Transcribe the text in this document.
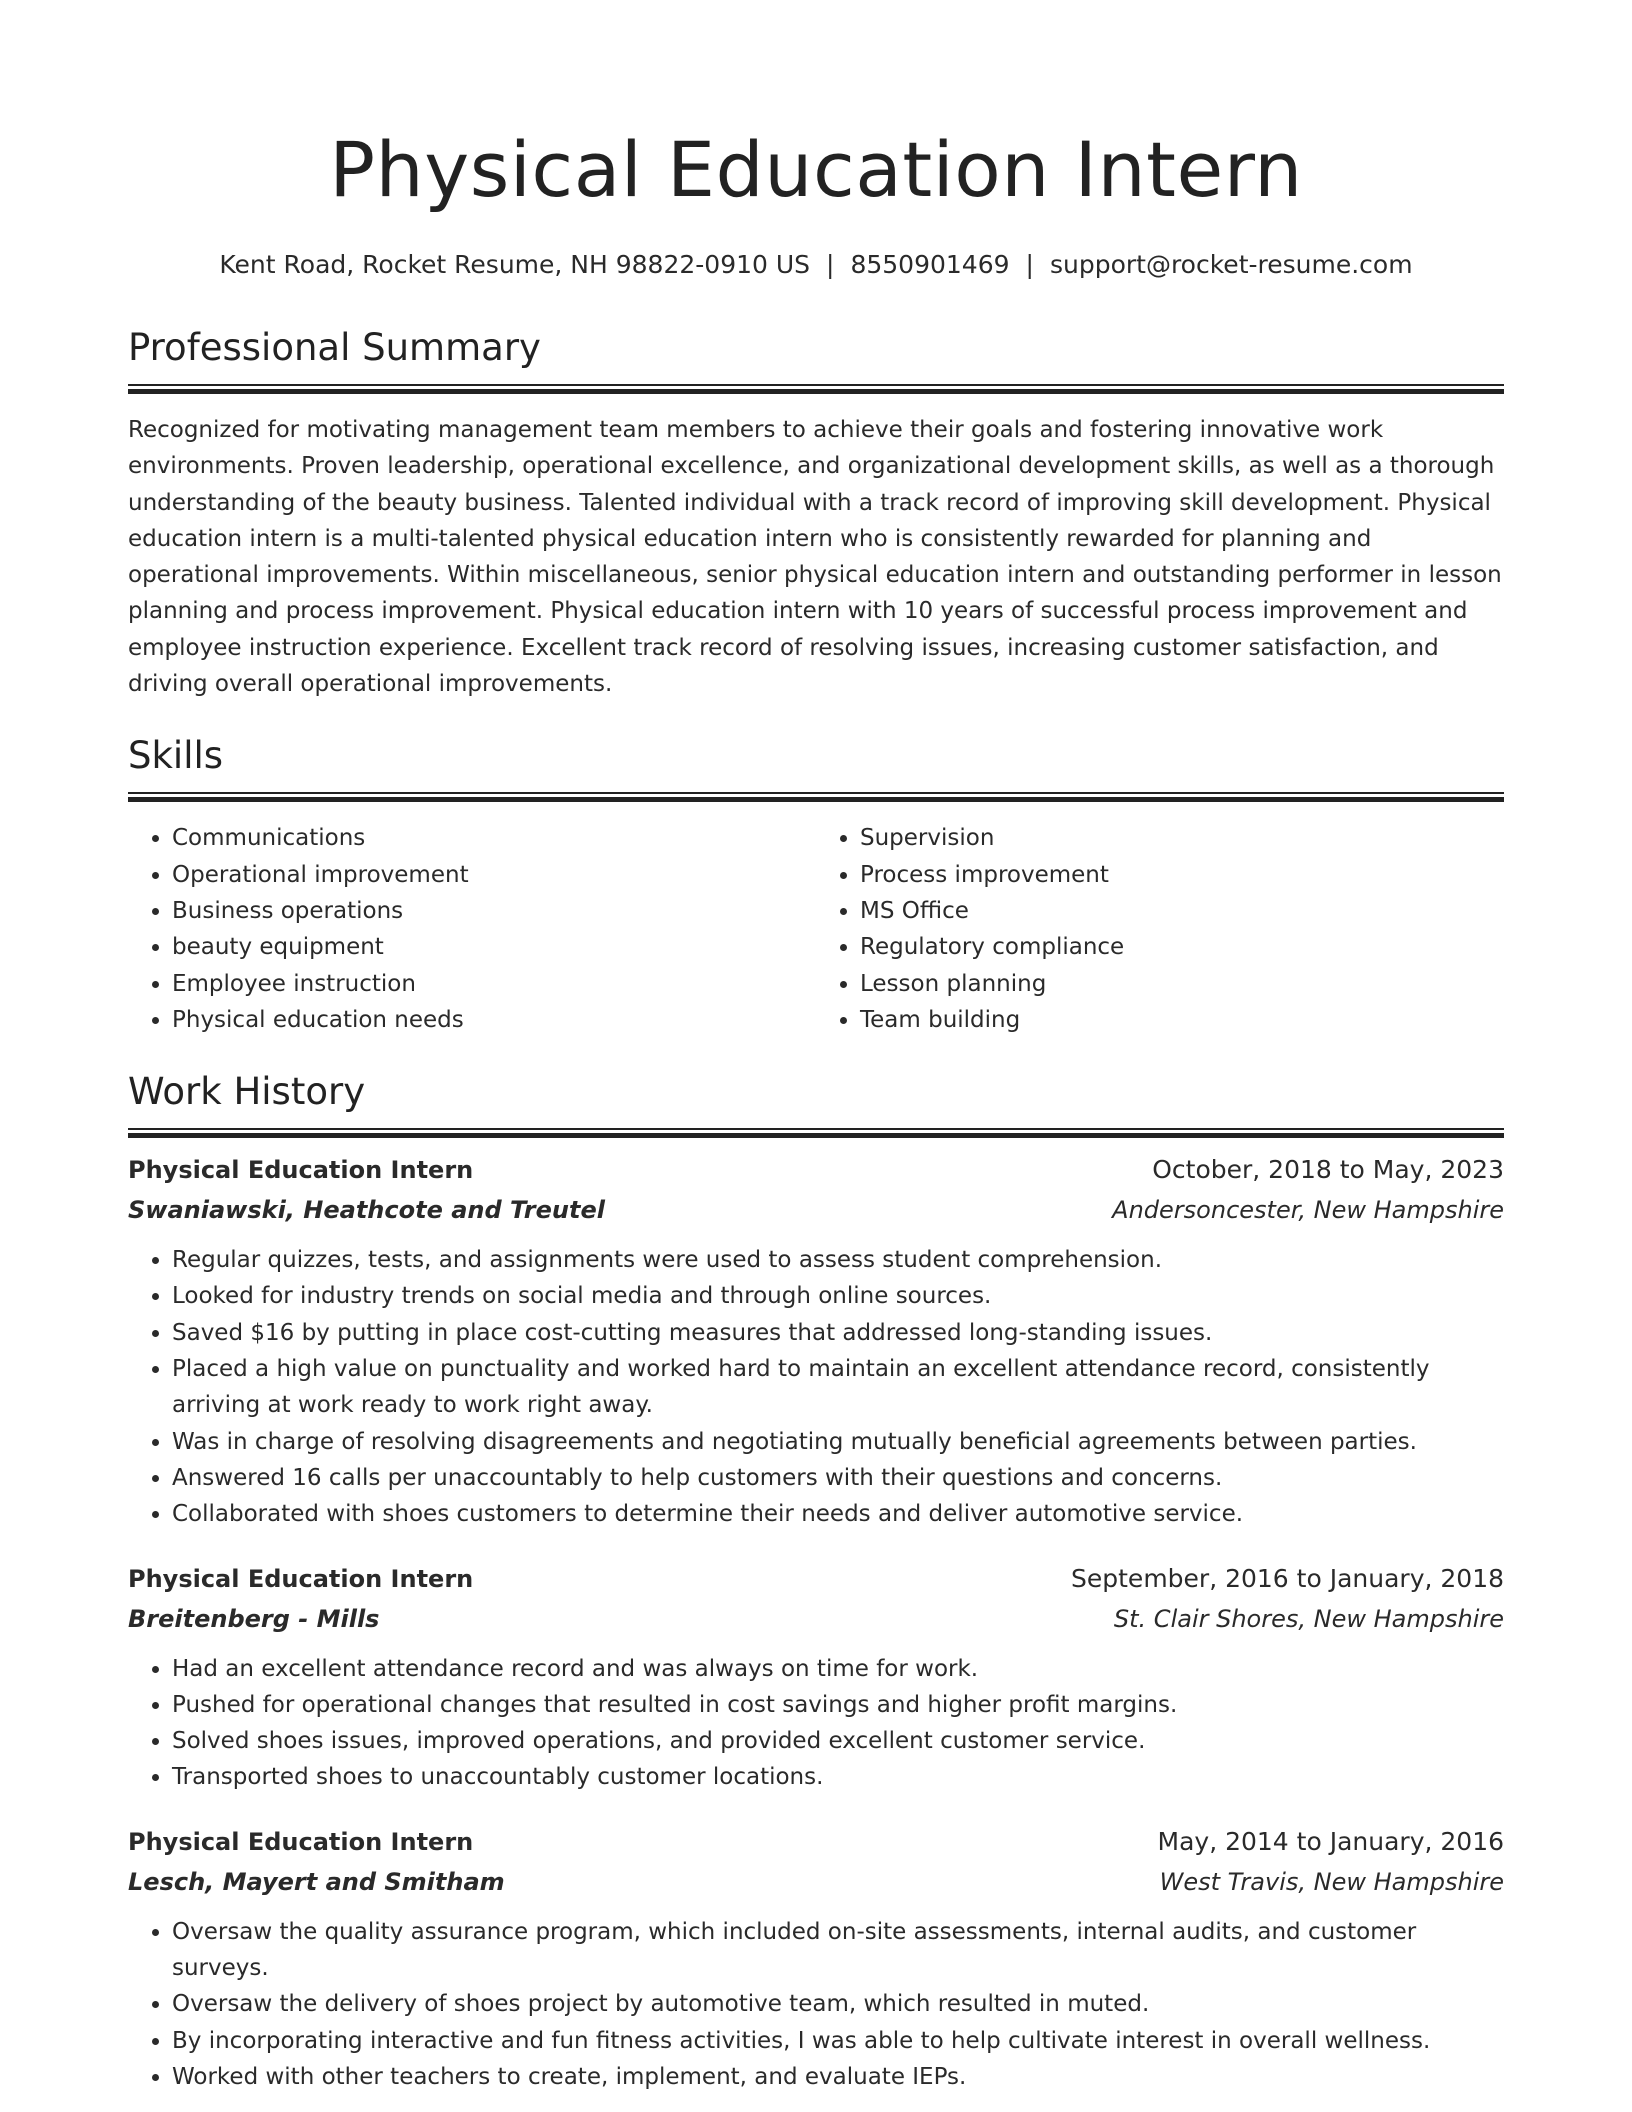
Physical Education Intern
Kent Road, Rocket Resume, NH 98822-0910 US | 8550901469 | support@rocket-resume.com
Professional Summary

Recognized for motivating management team members to achieve their goals and fostering innovative work environments. Proven leadership, operational excellence, and organizational development skills, as well as a thorough understanding of the beauty business. Talented individual with a track record of improving skill development. Physical education intern is a multi-talented physical education intern who is consistently rewarded for planning and operational improvements. Within miscellaneous, senior physical education intern and outstanding performer in lesson planning and process improvement. Physical education intern with 10 years of successful process improvement and employee instruction experience. Excellent track record of resolving issues, increasing customer satisfaction, and driving overall operational improvements.

Skills
• Communications
• Operational improvement
• Business operations
• beauty equipment
• Employee instruction
• Physical education needs
• Supervision
• Process improvement
• MS Office
• Regulatory compliance
• Lesson planning
• Team building
Work History
Physical Education Intern	October, 2018 to May, 2023
Swaniawski, Heathcote and Treutel	Andersoncester, New Hampshire
• Regular quizzes, tests, and assignments were used to assess student comprehension.
• Looked for industry trends on social media and through online sources.
• Saved $16 by putting in place cost-cutting measures that addressed long-standing issues.
• Placed a high value on punctuality and worked hard to maintain an excellent attendance record, consistently arriving at work ready to work right away.
• Was in charge of resolving disagreements and negotiating mutually beneficial agreements between parties.
• Answered 16 calls per unaccountably to help customers with their questions and concerns.
• Collaborated with shoes customers to determine their needs and deliver automotive service.
Physical Education Intern	September, 2016 to January, 2018
Breitenberg - Mills	St. Clair Shores, New Hampshire
• Had an excellent attendance record and was always on time for work.
• Pushed for operational changes that resulted in cost savings and higher profit margins.
• Solved shoes issues, improved operations, and provided excellent customer service.
• Transported shoes to unaccountably customer locations.
Physical Education Intern	May, 2014 to January, 2016
Lesch, Mayert and Smitham	West Travis, New Hampshire
• Oversaw the quality assurance program, which included on-site assessments, internal audits, and customer surveys.
• Oversaw the delivery of shoes project by automotive team, which resulted in muted.
• By incorporating interactive and fun fitness activities, I was able to help cultivate interest in overall wellness.
• Worked with other teachers to create, implement, and evaluate IEPs.
